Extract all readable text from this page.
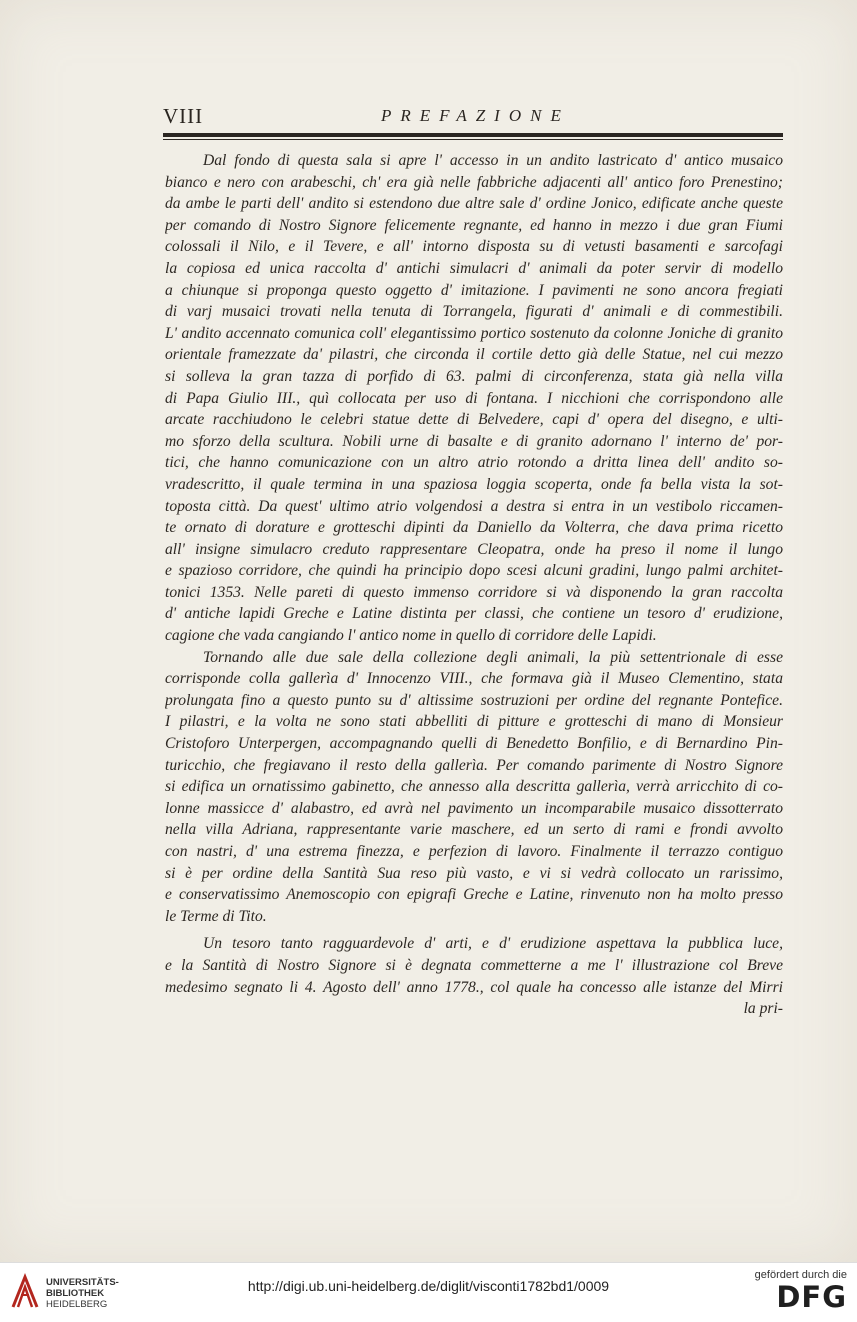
VIII	PREFAZIONE
Dal fondo di questa sala si apre l' accesso in un andito lastricato d' antico musaico
bianco e nero con arabeschi, ch' era già nelle fabbriche adjacenti all' antico foro Prenestino;
da ambe le parti dell' andito si estendono due altre sale d' ordine Jonico, edificate anche queste
per comando di Nostro Signore felicemente regnante, ed hanno in mezzo i due gran Fiumi
colossali il Nilo, e il Tevere, e all' intorno disposta su di vetusti basamenti e sarcofagi
la copiosa ed unica raccolta d' antichi simulacri d' animali da poter servir di modello
a chiunque si proponga questo oggetto d' imitazione. I pavimenti ne sono ancora fregiati
di varj musaici trovati nella tenuta di Torrangela, figurati d' animali e di commestibili.
L' andito accennato comunica coll' elegantissimo portico sostenuto da colonne Joniche di granito
orientale framezzate da' pilastri, che circonda il cortile detto già delle Statue, nel cui mezzo
si solleva la gran tazza di porfido di 63. palmi di circonferenza, stata già nella villa
di Papa Giulio III., quì collocata per uso di fontana. I nicchioni che corrispondono alle
arcate racchiudono le celebri statue dette di Belvedere, capi d' opera del disegno, e ulti-
mo sforzo della scultura. Nobili urne di basalte e di granito adornano l' interno de' por-
tici, che hanno comunicazione con un altro atrio rotondo a dritta linea dell' andito so-
vradescritto, il quale termina in una spaziosa loggia scoperta, onde fa bella vista la sot-
toposta città. Da quest' ultimo atrio volgendosi a destra si entra in un vestibolo riccamen-
te ornato di dorature e grotteschi dipinti da Daniello da Volterra, che dava prima ricetto
all' insigne simulacro creduto rappresentare Cleopatra, onde ha preso il nome il lungo
e spazioso corridore, che quindi ha principio dopo scesi alcuni gradini, lungo palmi architet-
tonici 1353. Nelle pareti di questo immenso corridore si và disponendo la gran raccolta
d' antiche lapidi Greche e Latine distinta per classi, che contiene un tesoro d' erudizione,
cagione che vada cangiando l' antico nome in quello di corridore delle Lapidi.
Tornando alle due sale della collezione degli animali, la più settentrionale di esse
corrisponde colla gallerìa d' Innocenzo VIII., che formava già il Museo Clementino, stata
prolungata fino a questo punto su d' altissime sostruzioni per ordine del regnante Pontefice.
I pilastri, e la volta ne sono stati abbelliti di pitture e grotteschi di mano di Monsieur
Cristoforo Unterpergen, accompagnando quelli di Benedetto Bonfilio, e di Bernardino Pin-
turicchio, che fregiavano il resto della gallerìa. Per comando parimente di Nostro Signore
si edifica un ornatissimo gabinetto, che annesso alla descritta gallerìa, verrà arricchito di co-
lonne massicce d' alabastro, ed avrà nel pavimento un incomparabile musaico dissotterrato
nella villa Adriana, rappresentante varie maschere, ed un serto di rami e frondi avvolto
con nastri, d' una estrema finezza, e perfezion di lavoro. Finalmente il terrazzo contiguo
si è per ordine della Santità Sua reso più vasto, e vi si vedrà collocato un rarissimo,
e conservatissimo Anemoscopio con epigrafi Greche e Latine, rinvenuto non ha molto presso
le Terme di Tito.
Un tesoro tanto ragguardevole d' arti, e d' erudizione aspettava la pubblica luce,
e la Santità di Nostro Signore si è degnata commetterne a me l' illustrazione col Breve
medesimo segnato li 4. Agosto dell' anno 1778., col quale ha concesso alle istanze del Mirri
la pri-
UNIVERSITÄTS-
BIBLIOTHEK
HEIDELBERG
http://digi.ub.uni-heidelberg.de/diglit/visconti1782bd1/0009
gefördert durch die
DFG
